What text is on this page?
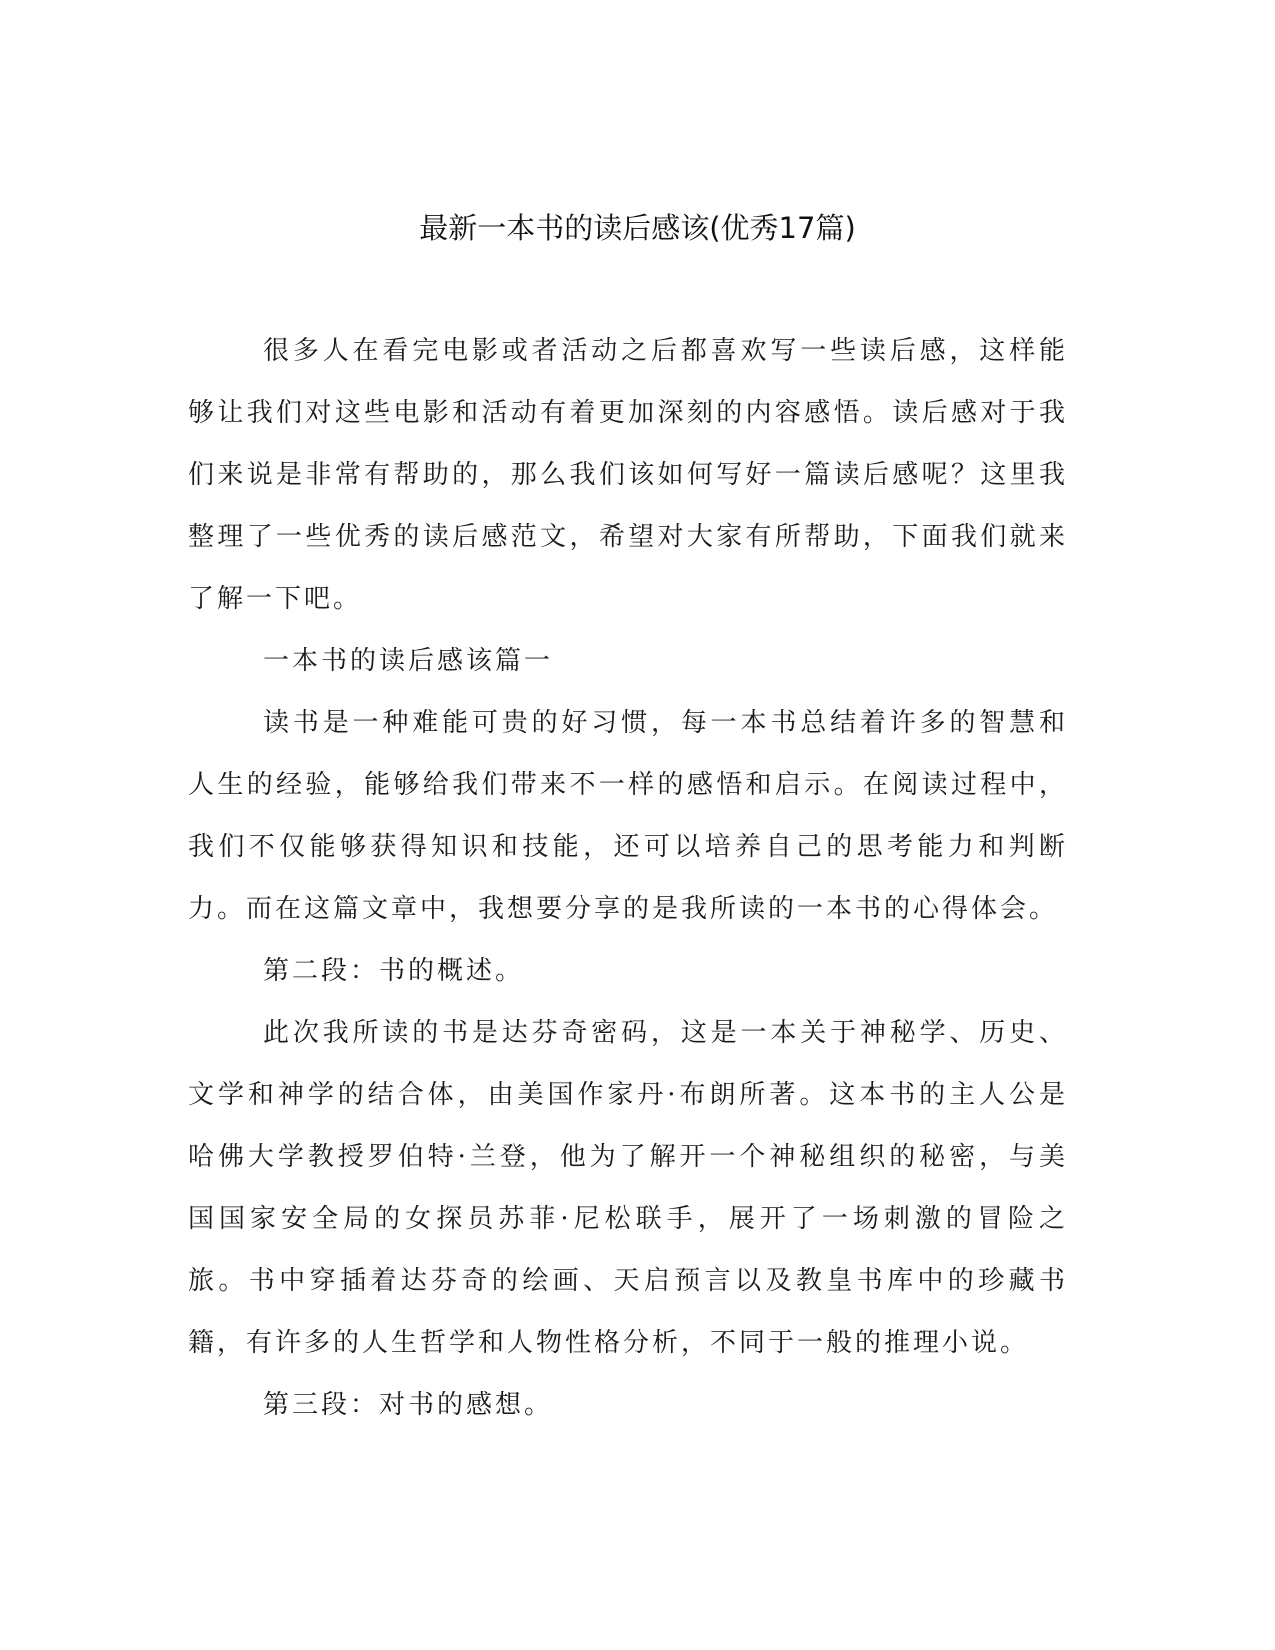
最新一本书的读后感该(优秀17篇)

很多人在看完电影或者活动之后都喜欢写一些读后感，这样能够让我们对这些电影和活动有着更加深刻的内容感悟。读后感对于我们来说是非常有帮助的，那么我们该如何写好一篇读后感呢？这里我整理了一些优秀的读后感范文，希望对大家有所帮助，下面我们就来了解一下吧。

一本书的读后感该篇一

读书是一种难能可贵的好习惯，每一本书总结着许多的智慧和人生的经验，能够给我们带来不一样的感悟和启示。在阅读过程中，我们不仅能够获得知识和技能，还可以培养自己的思考能力和判断力。而在这篇文章中，我想要分享的是我所读的一本书的心得体会。

第二段：书的概述。

此次我所读的书是达芬奇密码，这是一本关于神秘学、历史、文学和神学的结合体，由美国作家丹·布朗所著。这本书的主人公是哈佛大学教授罗伯特·兰登，他为了解开一个神秘组织的秘密，与美国国家安全局的女探员苏菲·尼松联手，展开了一场刺激的冒险之旅。书中穿插着达芬奇的绘画、天启预言以及教皇书库中的珍藏书籍，有许多的人生哲学和人物性格分析，不同于一般的推理小说。

第三段：对书的感想。
